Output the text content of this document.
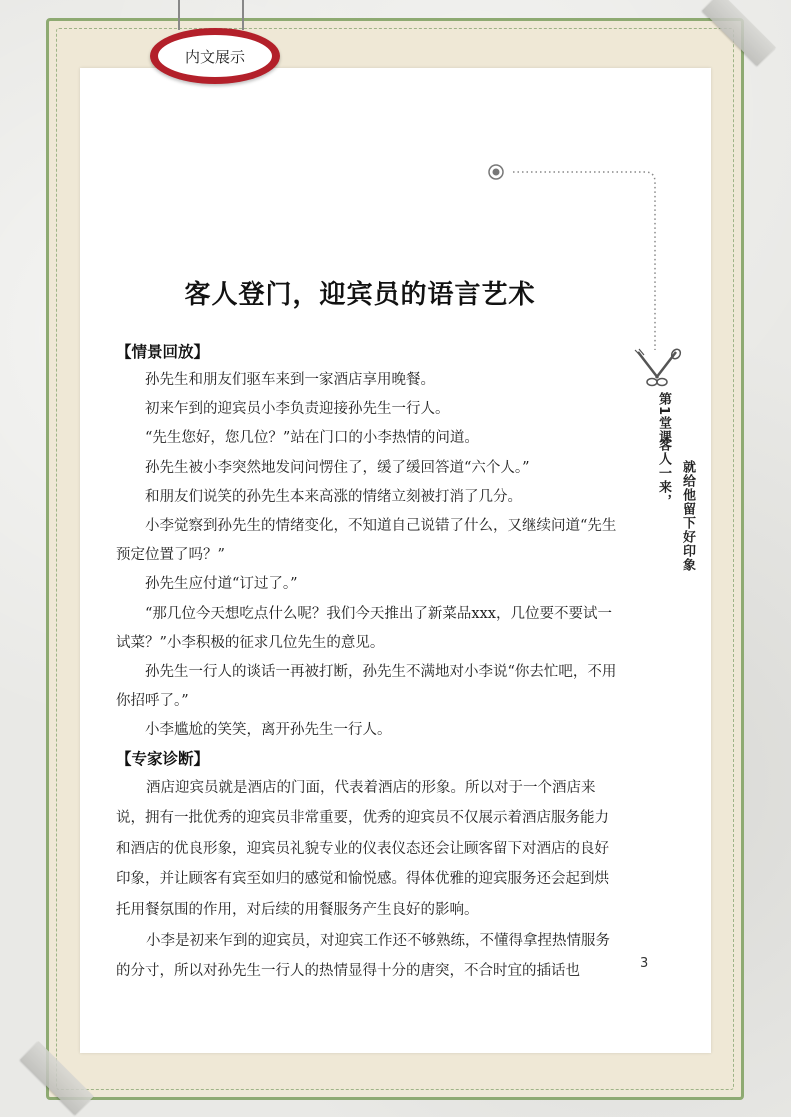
内文展示
第1堂课
客人一来， 就给他留下好印象
客人登门，迎宾员的语言艺术
【情景回放】

孙先生和朋友们驱车来到一家酒店享用晚餐。

初来乍到的迎宾员小李负责迎接孙先生一行人。

“先生您好，您几位？”站在门口的小李热情的问道。

孙先生被小李突然地发问问愣住了，缓了缓回答道“六个人。”

和朋友们说笑的孙先生本来高涨的情绪立刻被打消了几分。

小李觉察到孙先生的情绪变化，不知道自己说错了什么，又继续问道“先生预定位置了吗？”

孙先生应付道“订过了。”

“那几位今天想吃点什么呢？我们今天推出了新菜品xxx，几位要不要试一试菜？”小李积极的征求几位先生的意见。

孙先生一行人的谈话一再被打断，孙先生不满地对小李说“你去忙吧，不用你招呼了。”

小李尴尬的笑笑，离开孙先生一行人。

【专家诊断】

酒店迎宾员就是酒店的门面，代表着酒店的形象。所以对于一个酒店来说，拥有一批优秀的迎宾员非常重要，优秀的迎宾员不仅展示着酒店服务能力和酒店的优良形象，迎宾员礼貌专业的仪表仪态还会让顾客留下对酒店的良好印象，并让顾客有宾至如归的感觉和愉悦感。得体优雅的迎宾服务还会起到烘托用餐氛围的作用，对后续的用餐服务产生良好的影响。

小李是初来乍到的迎宾员，对迎宾工作还不够熟练，不懂得拿捏热情服务的分寸，所以对孙先生一行人的热情显得十分的唐突，不合时宜的插话也	3
